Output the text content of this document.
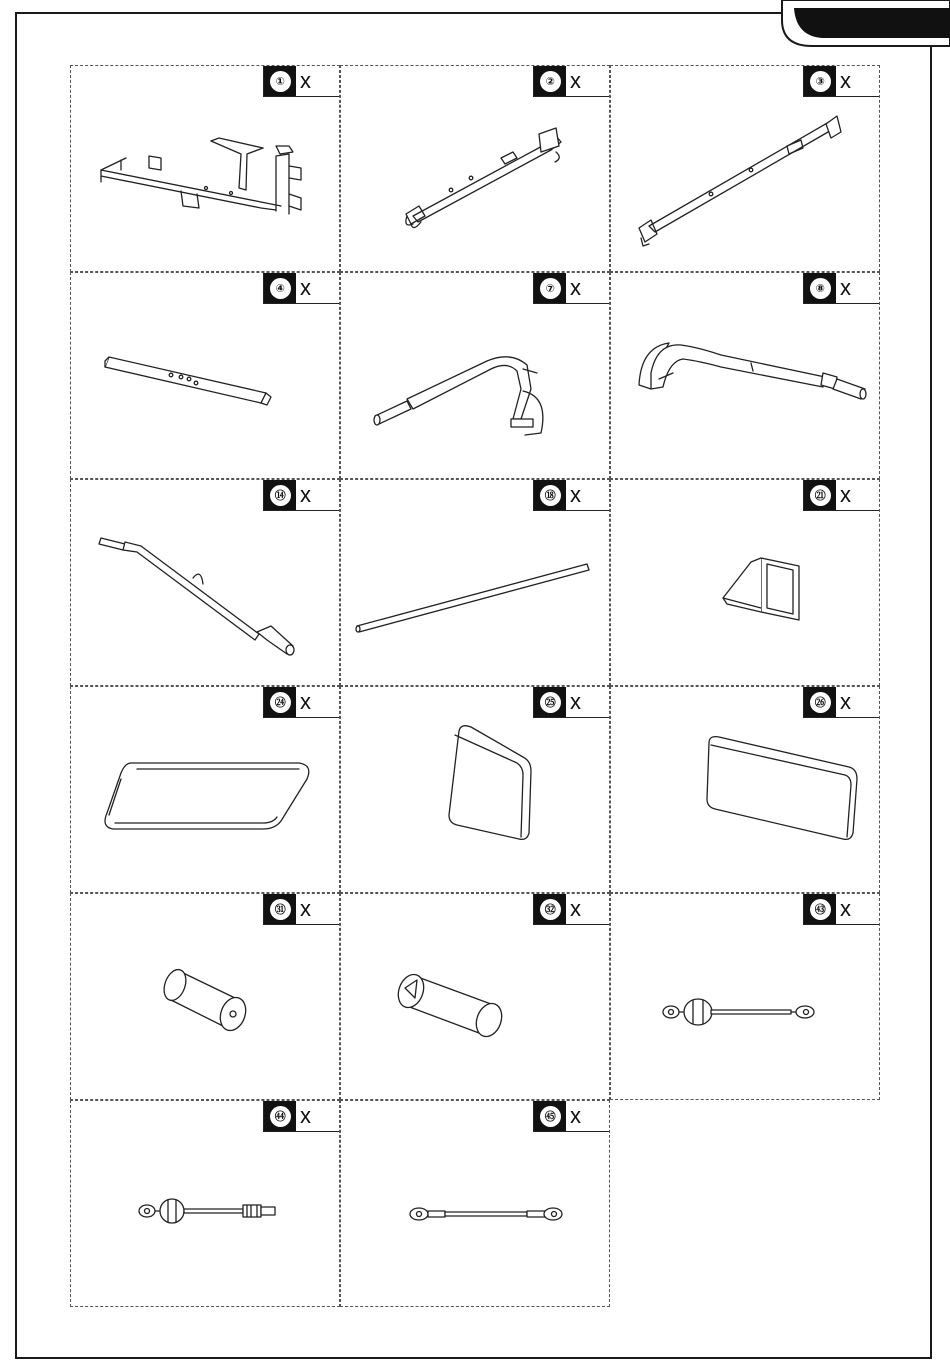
① x	② x	③ x
④ x	⑦ x	⑧ x
⑭ x	⑱ x	㉑ x
㉔ x	㉕ x	㉖ x
㉛ x	㉜ x	㊸ x
㊹ x	㊺ x
